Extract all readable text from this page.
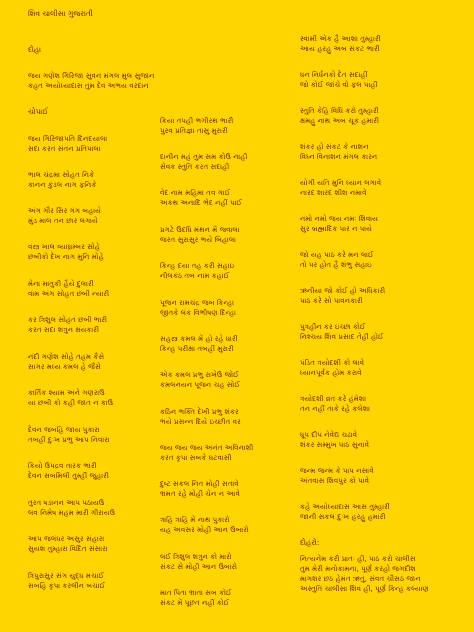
શિવ ચાલીસા ગુજરાતી
દોહા
જય ગણેશ ગિરિજા સુવન મંગલ મુલ સુજાન
કહત અયોધ્યાદાસ તુમ દેવ અભય વરદાન
ચોપાઈ
જય ગિરિજાપતિ દિનદયાલા
સદા કરત સંતન પ્રતિપાલા
ભાલ ચંદ્રમા સોહત નિકે
કાનન કુંડલ નાગ ફનિકે
અંગ ગૌર સિર ગંગ બહાયે
મુંડ માલ તન છાર લગાયે
વસ્ત્ર ખાલ વ્યાઘ્રમ્બર સોહે
છબીકો દેખ નાગ મુનિ મોહે
મેના માતુકી હૈયે દુલારી
વામ અંગ સોહત છબી ન્યારી
કર ત્રિશુલ સોહત છબી ભારી
કરત સદા શત્રુન ક્ષયકારી
નંદી ગણેશ સોહે તહમ કૈસે
સાગર મધ્ય કમલ હે જૈસે
કાર્તિક શ્યામ અને ગણરાઉ
યા છબી કો કહી જાત ન કાઉ
દેવન જબહિ જાય પુકારા
તબહી દુઃખ પ્રભુ આપ નિવારા
કિયો ઉપદ્રવ તારક ભારી
દેવન સબમિલી તુમ્હીં જુહારી
તુરત ષડાનન આપ પઠાયઉ
લવ નિમેષ મહમ મારી ગીરાયઉ
આપ જલંધર અસુર સંહારા
સુયશ તુમ્હારા વિદિત સંસારા
ત્રિપુરાસુર સંગ યુદ્ધ મચાઈ
સબહિ કૃપા કરલીન બચાઈ
કિયા તપહી ભગીરથ ભારી
પુરવ પ્રતિજ્ઞા તાસુ મુરારી
દાનીન મહં તુમ સમ કોઉ નાહી
સેવક સ્તુતિ કરત સદાહી
વેદ નામ મહિમા તવ ગાઈ
અકથ અનાદિ ભેદ નહીં પાઈ
પ્રગટે ઉદધિ મંથન મેં જ્વાલા
જરત સુરાસુર ભયે બિહાલા
કિન્હ દયા તહ કરી સહાઇ
નીલકંઠ તબ નામ કહાઈ
પૂજન રામચંદ્ર જબ કિન્હા
જીતકે લંક વિભીષણ દિન્હા
સહસ્ત્ર કમલ મેં હો રહે ધારી
કિન્હ પરીક્ષા તબહીં મુરારી
એક કમલ પ્રભુ રાખેઉ જોઈ
કમલનયન પૂજન ચહ સોઈ
કઠિન ભક્તિ દેખી પ્રભુ શંકર
ભયે પ્રસન્ન દિયે ઇચ્છીત વર
જય જય જય અનંત અવિનાશી
કરત કૃપા સબકે ઘટવાસી
દુષ્ટ સકલ નિત મોહી સતાવે
ભ્રમત રહે મોહી ચેન ન આવે
ત્રાહિ ત્રાહિ મેં નાથ પુકારો
યહ અવસર મોહી આન ઉબારો
લઈ ત્રિશુલ શત્રુન કો મારો
સંકટ સે મોહી આન ઉબારો
માત પિતા ભ્રાતા સબ કોઈ
સંકટ મેં પૂછત નહીં કોઈ
સ્વામી એક હૈ આશા તુમ્હારી
આય હરહુ અબ સંકટ ભારી
ધન નિર્ધનકો દેત સદાહીં
જો કોઈ જાંચે વો ફલ પાહીં
સ્તુતિ કેહિ વિધિ કરો તુમ્હારી
ક્ષમહુ નાથ અબ ચૂક હમારી
શંકર હો સંકટ કે નાશન
વિઘ્ન વિનાશન મંગલ કારન
યોગી યતિ મુનિ ધ્યાન લગાવે
નારદ શારદ શીશ નમાવે
નમો નમો જય નમઃ શિવાય
સુર બ્રહ્માદિક પાર ન પાયે
જો યહ પાઠ કરે મન લાઈ
તો પર હોત હૈ શંભુ સહાઇ
ઋનીયા જો કોઈ હો અધિકારી
પાઠ કરે સો પાવનકારી
પુત્રહીન કર ઇચ્છા કોઈ
નિશ્ચય શિવ પ્રસાદ તેહી હોઈ
પંડિત ત્રયોદશી કો લાવે
ધ્યાનપૂર્વક હોમ કરાવે
ત્રયોદશી વ્રત કરે હંમેશા
તન નહીં તાકે રહે કલેશા
ધૂપ દીપ નેવેદ્ય ચઢાવે
શંકર સમ્મુખ પાઠ સુનાવે
જન્મ જન્મ કે પાપ નસાવે
અંતવાસ શિવપુર કો પાવે
કહે અયોધ્યાદાસ આસ તુમ્હારી
જાની સકલ દુઃખ હરહુ હમારી
દોહરો:
નિત્યનેમ કરી પ્રાતઃ હી, પાઠ કરો ચાલીસ
તુમ મેરી મનોકામના, પૂર્ણ કરહો જગદીશ
માગશર છઠ હેમંત ઋતુ, સંવત ચૌસઠ જાન
અસ્તુતિ ચાલીસા શિવ હી, પૂર્ણ કિન્હ કલ્યાણ
